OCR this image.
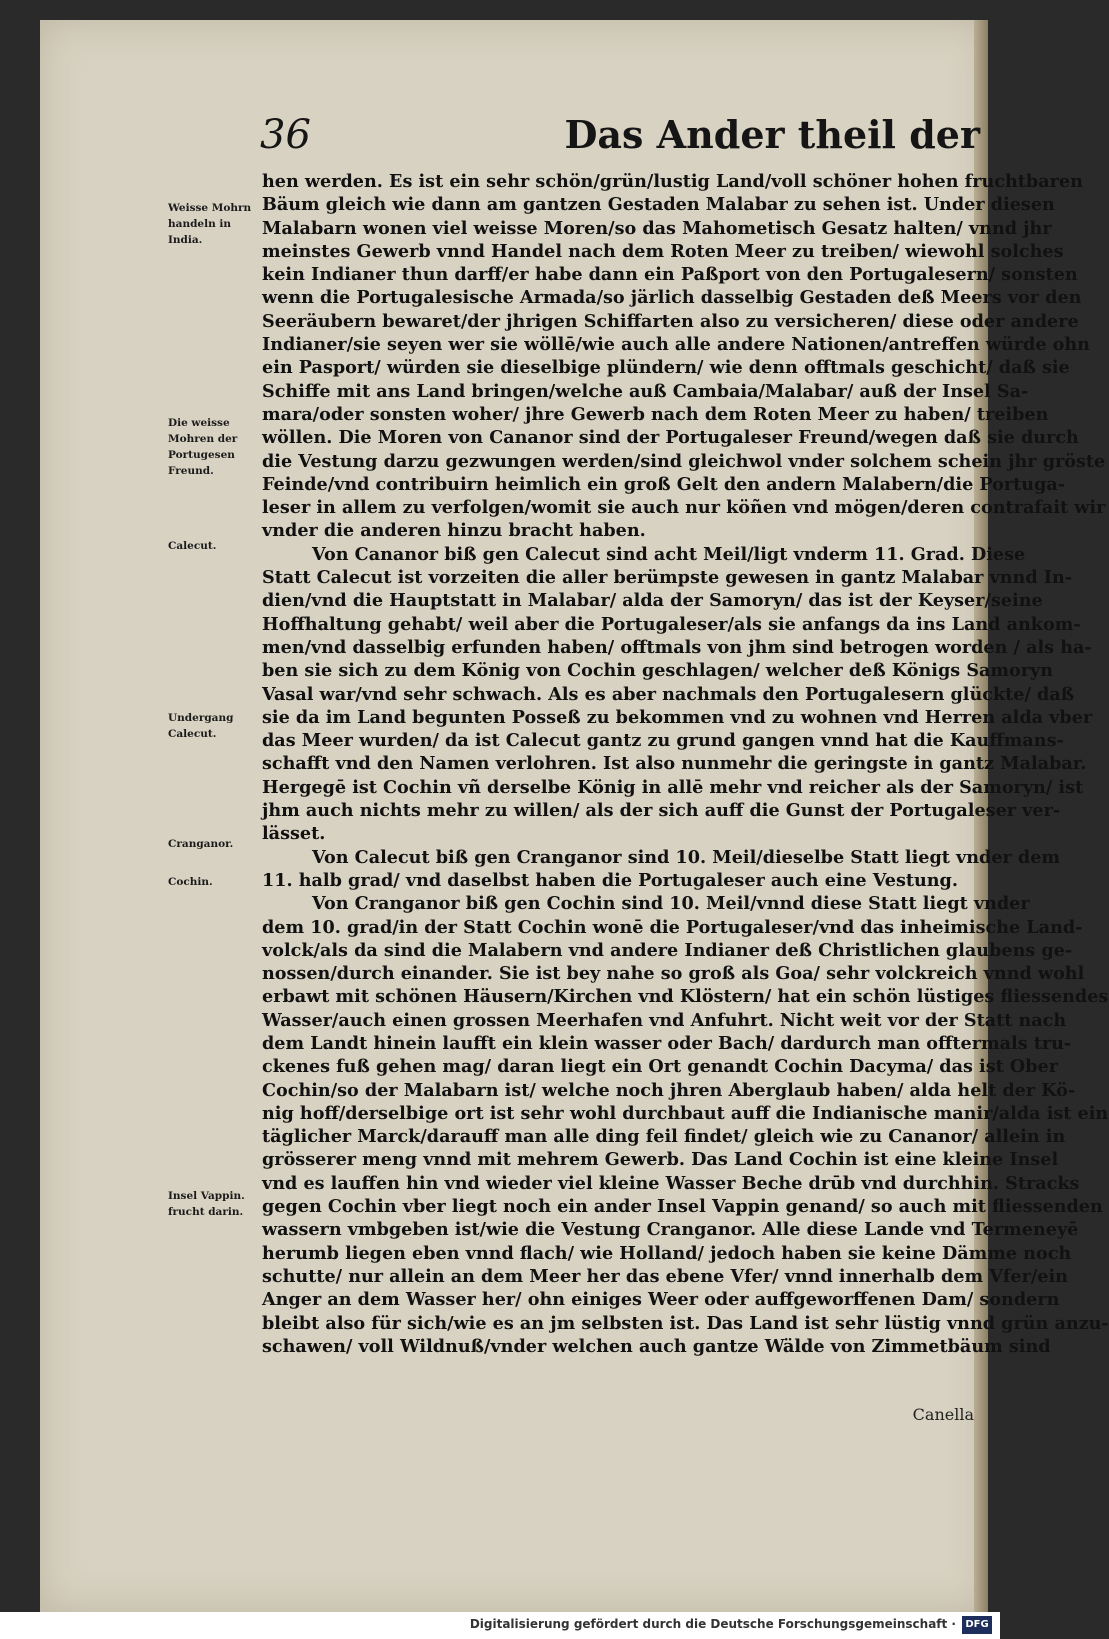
36	Das Ander theil der
Weisse Mohrn handeln in India.
Die weisse Mohren der Portugesen Freund.
Calecut.
Undergang Calecut.
Cranganor.
Cochin.
Insel Vappin. frucht darin.
hen werden. Es ist ein sehr schön/grün/lustig Land/voll schöner hohen fruchtbaren
Bäum gleich wie dann am gantzen Gestaden Malabar zu sehen ist. Under diesen
Malabarn wonen viel weisse Moren/so das Mahometisch Gesatz halten/ vnnd jhr
meinstes Gewerb vnnd Handel nach dem Roten Meer zu treiben/ wiewohl solches
kein Indianer thun darff/er habe dann ein Paßport von den Portugalesern/ sonsten
wenn die Portugalesische Armada/so järlich dasselbig Gestaden deß Meers vor den
Seeräubern bewaret/der jhrigen Schiffarten also zu versicheren/ diese oder andere
Indianer/sie seyen wer sie wöllē/wie auch alle andere Nationen/antreffen würde ohn
ein Pasport/ würden sie dieselbige plündern/ wie denn offtmals geschicht/ daß sie
Schiffe mit ans Land bringen/welche auß Cambaia/Malabar/ auß der Insel Sa-
mara/oder sonsten woher/ jhre Gewerb nach dem Roten Meer zu haben/ treiben
wöllen. Die Moren von Cananor sind der Portugaleser Freund/wegen daß sie durch
die Vestung darzu gezwungen werden/sind gleichwol vnder solchem schein jhr gröste
Feinde/vnd contribuirn heimlich ein groß Gelt den andern Malabern/die Portuga-
leser in allem zu verfolgen/womit sie auch nur köñen vnd mögen/deren contrafait wir
vnder die anderen hinzu bracht haben.
Von Cananor biß gen Calecut sind acht Meil/ligt vnderm 11. Grad. Diese
Statt Calecut ist vorzeiten die aller berümpste gewesen in gantz Malabar vnnd In-
dien/vnd die Hauptstatt in Malabar/ alda der Samoryn/ das ist der Keyser/seine
Hoffhaltung gehabt/ weil aber die Portugaleser/als sie anfangs da ins Land ankom-
men/vnd dasselbig erfunden haben/ offtmals von jhm sind betrogen worden / als ha-
ben sie sich zu dem König von Cochin geschlagen/ welcher deß Königs Samoryn
Vasal war/vnd sehr schwach. Als es aber nachmals den Portugalesern glückte/ daß
sie da im Land begunten Posseß zu bekommen vnd zu wohnen vnd Herren alda vber
das Meer wurden/ da ist Calecut gantz zu grund gangen vnnd hat die Kauffmans-
schafft vnd den Namen verlohren. Ist also nunmehr die geringste in gantz Malabar.
Hergegē ist Cochin vñ derselbe König in allē mehr vnd reicher als der Samoryn/ ist
jhm auch nichts mehr zu willen/ als der sich auff die Gunst der Portugaleser ver-
lässet.
Von Calecut biß gen Cranganor sind 10. Meil/dieselbe Statt liegt vnder dem
11. halb grad/ vnd daselbst haben die Portugaleser auch eine Vestung.
Von Cranganor biß gen Cochin sind 10. Meil/vnnd diese Statt liegt vnder
dem 10. grad/in der Statt Cochin wonē die Portugaleser/vnd das inheimische Land-
volck/als da sind die Malabern vnd andere Indianer deß Christlichen glaubens ge-
nossen/durch einander. Sie ist bey nahe so groß als Goa/ sehr volckreich vnnd wohl
erbawt mit schönen Häusern/Kirchen vnd Klöstern/ hat ein schön lüstiges fliessendes
Wasser/auch einen grossen Meerhafen vnd Anfuhrt. Nicht weit vor der Statt nach
dem Landt hinein laufft ein klein wasser oder Bach/ dardurch man offtermals tru-
ckenes fuß gehen mag/ daran liegt ein Ort genandt Cochin Dacyma/ das ist Ober
Cochin/so der Malabarn ist/ welche noch jhren Aberglaub haben/ alda helt der Kö-
nig hoff/derselbige ort ist sehr wohl durchbaut auff die Indianische manir/alda ist ein
täglicher Marck/darauff man alle ding feil findet/ gleich wie zu Cananor/ allein in
grösserer meng vnnd mit mehrem Gewerb. Das Land Cochin ist eine kleine Insel
vnd es lauffen hin vnd wieder viel kleine Wasser Beche drūb vnd durchhin. Stracks
gegen Cochin vber liegt noch ein ander Insel Vappin genand/ so auch mit fliessenden
wassern vmbgeben ist/wie die Vestung Cranganor. Alle diese Lande vnd Termeneyē
herumb liegen eben vnnd flach/ wie Holland/ jedoch haben sie keine Dämme noch
schutte/ nur allein an dem Meer her das ebene Vfer/ vnnd innerhalb dem Vfer/ein
Anger an dem Wasser her/ ohn einiges Weer oder auffgeworffenen Dam/ sondern
bleibt also für sich/wie es an jm selbsten ist. Das Land ist sehr lüstig vnnd grün anzu-
schawen/ voll Wildnuß/vnder welchen auch gantze Wälde von Zimmetbäum sind
Canella
Digitalisierung gefördert durch die Deutsche Forschungsgemeinschaft · DFG
